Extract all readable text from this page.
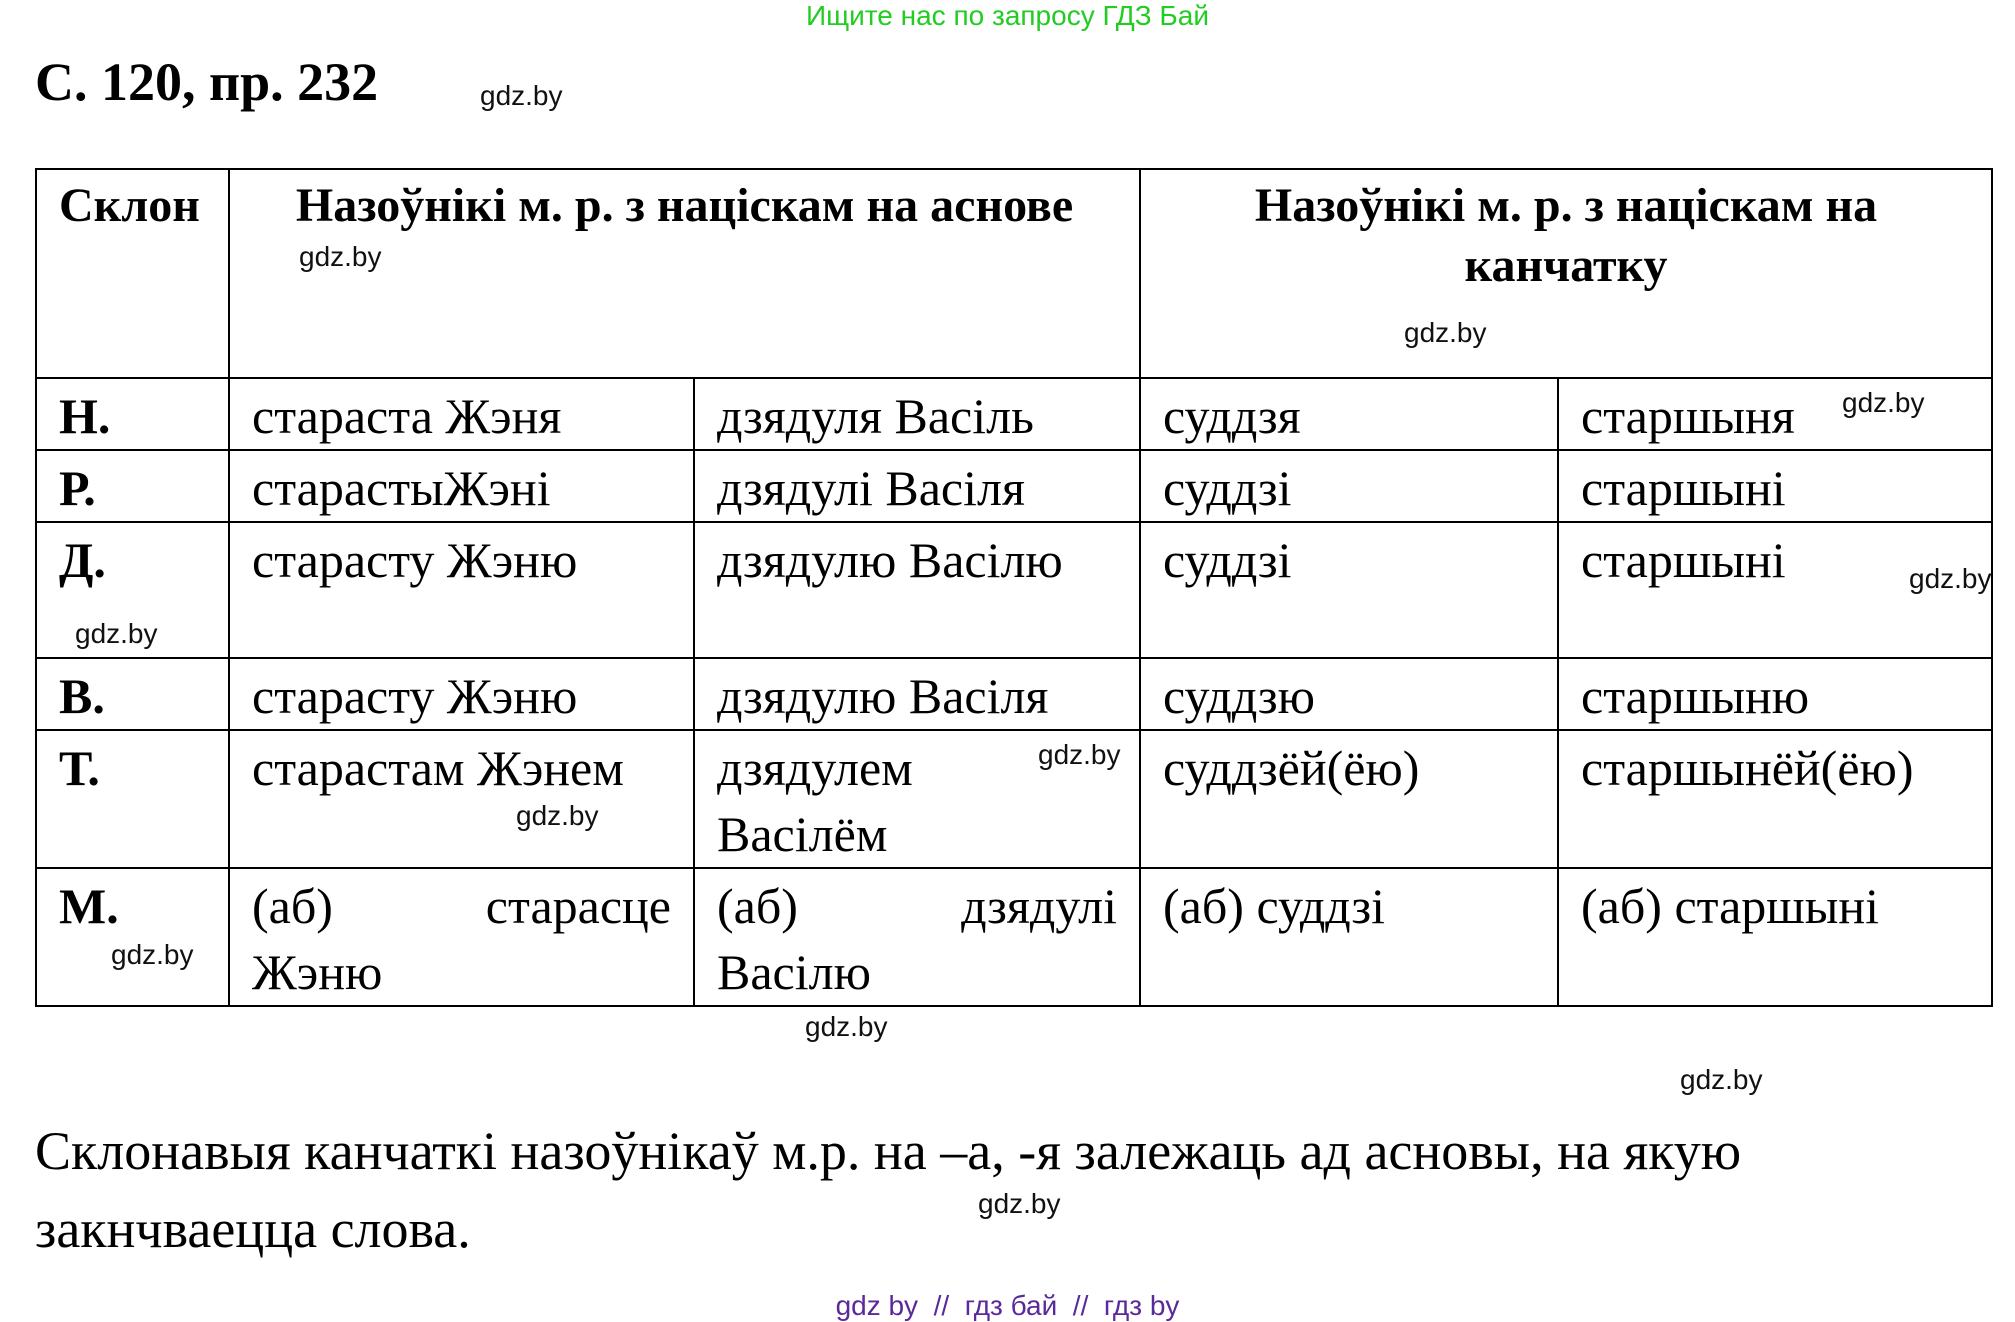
Ищите нас по запросу ГДЗ Бай
С. 120, пр. 232
Склон	Назоўнікі м. р. з націскам на аснове		Назоўнікі м. р. з націскам на канчатку	
Н.	стараста Жэня	дзядуля Васіль	суддзя	старшыня
Р.	старастыЖэні	дзядулі Васіля	суддзі	старшыні
Д.	старасту Жэню	дзядулю Васілю	суддзі	старшыні
В.	старасту Жэню	дзядулю Васіля	суддзю	старшыню
Т.	старастам Жэнем	дзядулем Васілём	суддзёй(ёю)	старшынёй(ёю)
М.	(аб) старасце Жэню	(аб) дзядулі Васілю	(аб) суддзі	(аб) старшыні
Склонавыя канчаткі назоўнікаў м.р. на –а, -я залежаць ад асновы, на якую закнчваецца слова.
gdz.by
gdz.by
gdz.by
gdz.by
gdz.by
gdz.by
gdz.by
gdz.by
gdz.by
gdz.by
gdz.by
gdz.by
gdz by  //  гдз бай  //  гдз by
